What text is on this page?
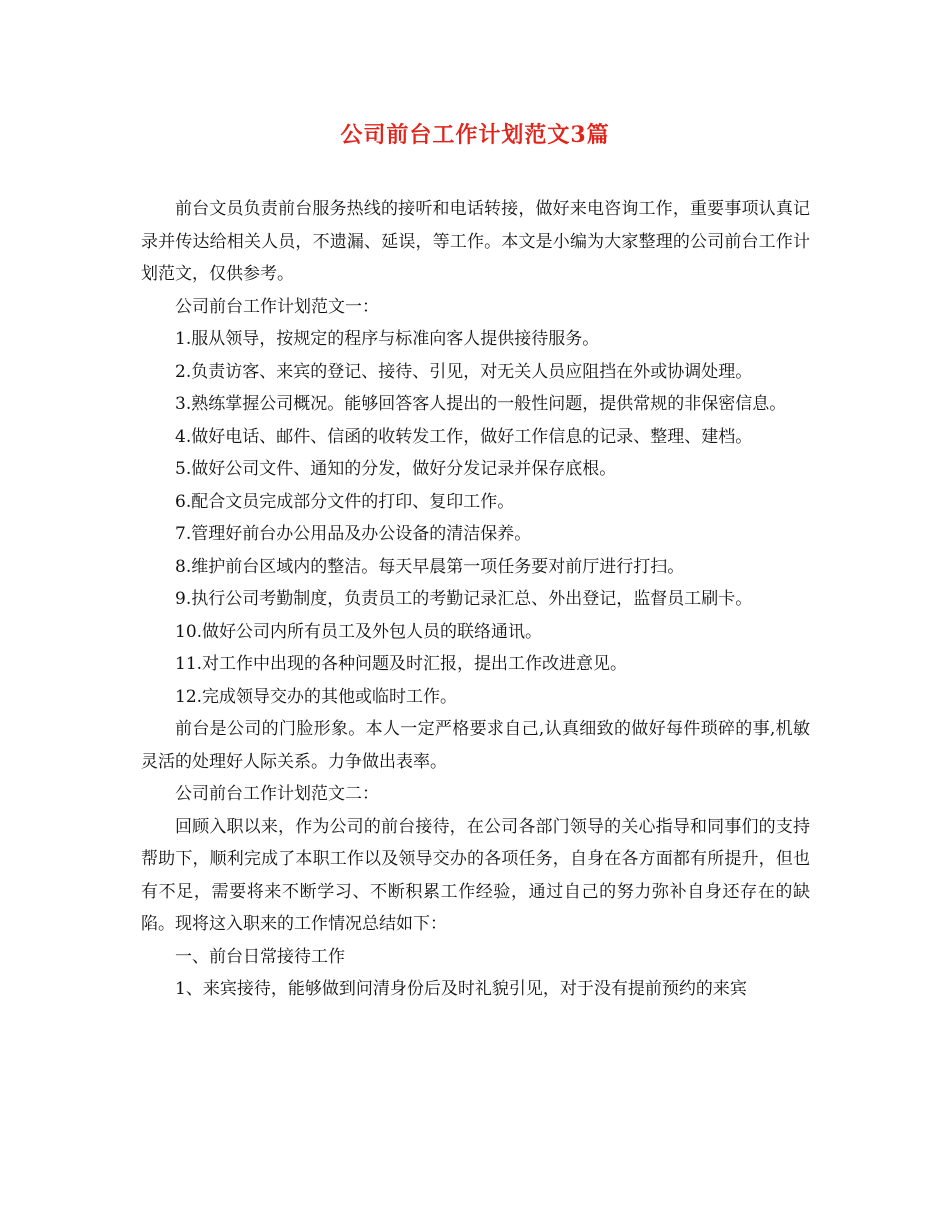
公司前台工作计划范文3篇

前台文员负责前台服务热线的接听和电话转接，做好来电咨询工作，重要事项认真记录并传达给相关人员，不遗漏、延误，等工作。本文是小编为大家整理的公司前台工作计划范文，仅供参考。

公司前台工作计划范文一：

1.服从领导，按规定的程序与标准向客人提供接待服务。

2.负责访客、来宾的登记、接待、引见，对无关人员应阻挡在外或协调处理。

3.熟练掌握公司概况。能够回答客人提出的一般性问题，提供常规的非保密信息。

4.做好电话、邮件、信函的收转发工作，做好工作信息的记录、整理、建档。

5.做好公司文件、通知的分发，做好分发记录并保存底根。

6.配合文员完成部分文件的打印、复印工作。

7.管理好前台办公用品及办公设备的清洁保养。

8.维护前台区域内的整洁。每天早晨第一项任务要对前厅进行打扫。

9.执行公司考勤制度，负责员工的考勤记录汇总、外出登记，监督员工刷卡。

10.做好公司内所有员工及外包人员的联络通讯。

11.对工作中出现的各种问题及时汇报，提出工作改进意见。

12.完成领导交办的其他或临时工作。

前台是公司的门脸形象。本人一定严格要求自己,认真细致的做好每件琐碎的事,机敏灵活的处理好人际关系。力争做出表率。

公司前台工作计划范文二：

回顾入职以来，作为公司的前台接待，在公司各部门领导的关心指导和同事们的支持帮助下，顺利完成了本职工作以及领导交办的各项任务，自身在各方面都有所提升，但也有不足，需要将来不断学习、不断积累工作经验，通过自己的努力弥补自身还存在的缺陷。现将这入职来的工作情况总结如下：

一、前台日常接待工作

1、来宾接待，能够做到问清身份后及时礼貌引见，对于没有提前预约的来宾
